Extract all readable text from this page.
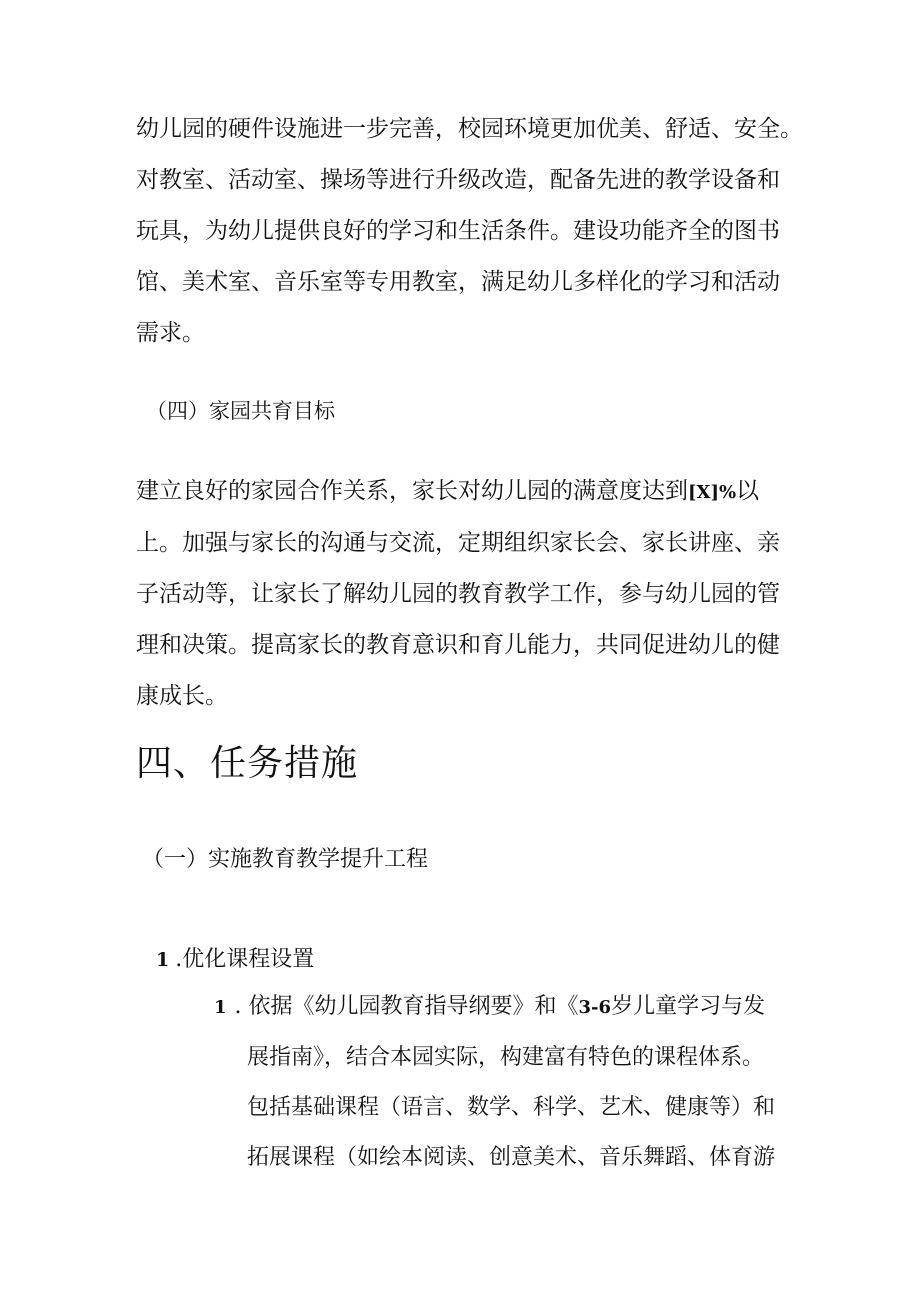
幼儿园的硬件设施进一步完善，校园环境更加优美、舒适、安全。
对教室、活动室、操场等进行升级改造，配备先进的教学设备和
玩具，为幼儿提供良好的学习和生活条件。建设功能齐全的图书
馆、美术室、音乐室等专用教室，满足幼儿多样化的学习和活动
需求。
（四）家园共育目标
建立良好的家园合作关系，家长对幼儿园的满意度达到[X]%以
上。加强与家长的沟通与交流，定期组织家长会、家长讲座、亲
子活动等，让家长了解幼儿园的教育教学工作，参与幼儿园的管
理和决策。提高家长的教育意识和育儿能力，共同促进幼儿的健
康成长。
四、任务措施
（一）实施教育教学提升工程
1 .优化课程设置
1 . 依据《幼儿园教育指导纲要》和《3-6岁儿童学习与发
展指南》，结合本园实际，构建富有特色的课程体系。
包括基础课程（语言、数学、科学、艺术、健康等）和
拓展课程（如绘本阅读、创意美术、音乐舞蹈、体育游
